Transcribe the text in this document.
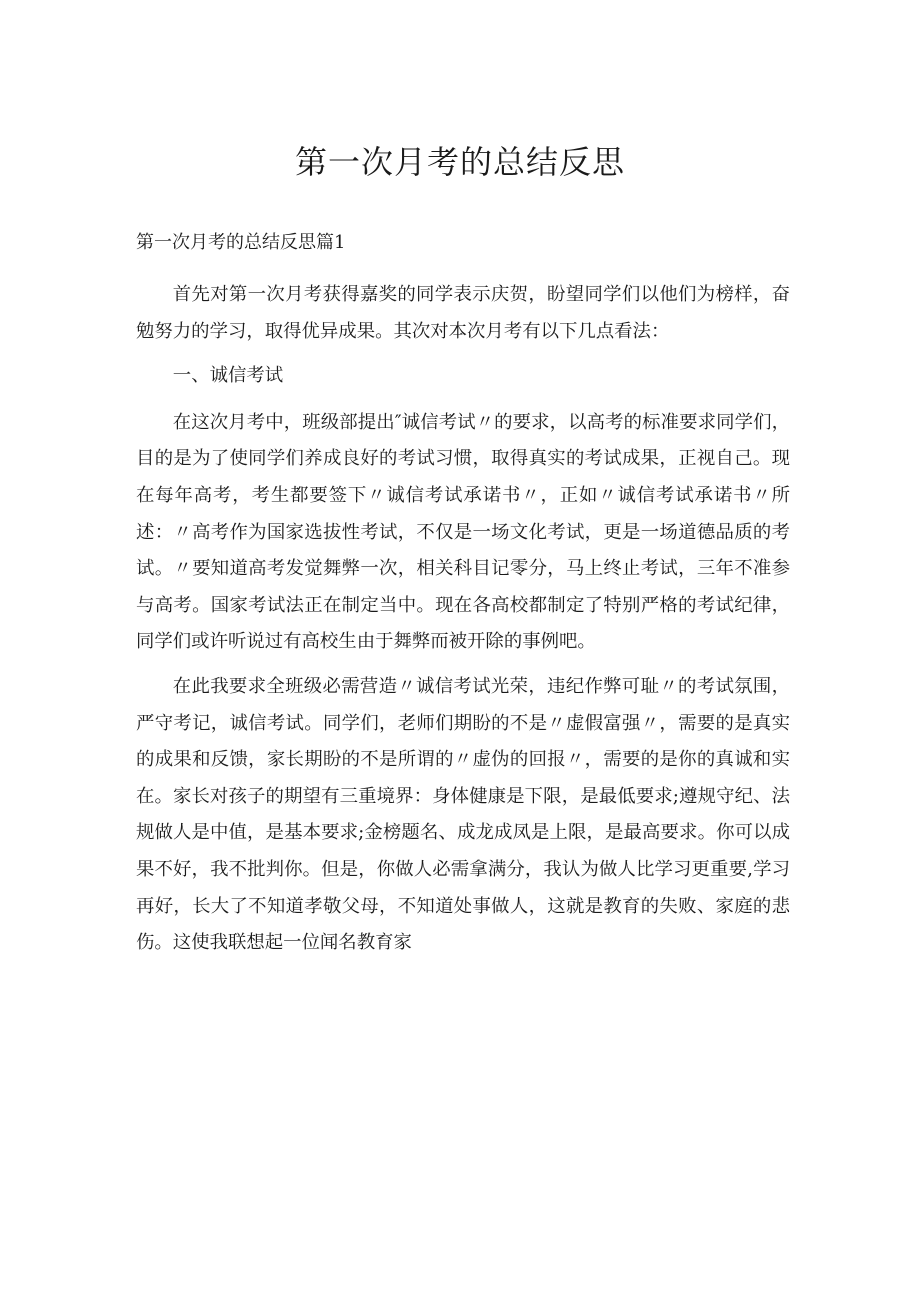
第一次月考的总结反思
第一次月考的总结反思篇1

首先对第一次月考获得嘉奖的同学表示庆贺，盼望同学们以他们为榜样，奋勉努力的学习，取得优异成果。其次对本次月考有以下几点看法：

一、诚信考试

在这次月考中，班级部提出″诚信考试〃的要求，以高考的标准要求同学们，目的是为了使同学们养成良好的考试习惯，取得真实的考试成果，正视自己。现在每年高考，考生都要签下〃诚信考试承诺书〃，正如〃诚信考试承诺书〃所述：〃高考作为国家选拔性考试，不仅是一场文化考试，更是一场道德品质的考试。〃要知道高考发觉舞弊一次，相关科目记零分，马上终止考试，三年不准参与高考。国家考试法正在制定当中。现在各高校都制定了特别严格的考试纪律，同学们或许听说过有高校生由于舞弊而被开除的事例吧。

在此我要求全班级必需营造〃诚信考试光荣，违纪作弊可耻〃的考试氛围，严守考记，诚信考试。同学们，老师们期盼的不是〃虚假富强〃，需要的是真实的成果和反馈，家长期盼的不是所谓的〃虚伪的回报〃，需要的是你的真诚和实在。家长对孩子的期望有三重境界：身体健康是下限，是最低要求;遵规守纪、法规做人是中值，是基本要求;金榜题名、成龙成凤是上限，是最高要求。你可以成果不好，我不批判你。但是，你做人必需拿满分，我认为做人比学习更重要,学习再好，长大了不知道孝敬父母，不知道处事做人，这就是教育的失败、家庭的悲伤。这使我联想起一位闻名教育家
